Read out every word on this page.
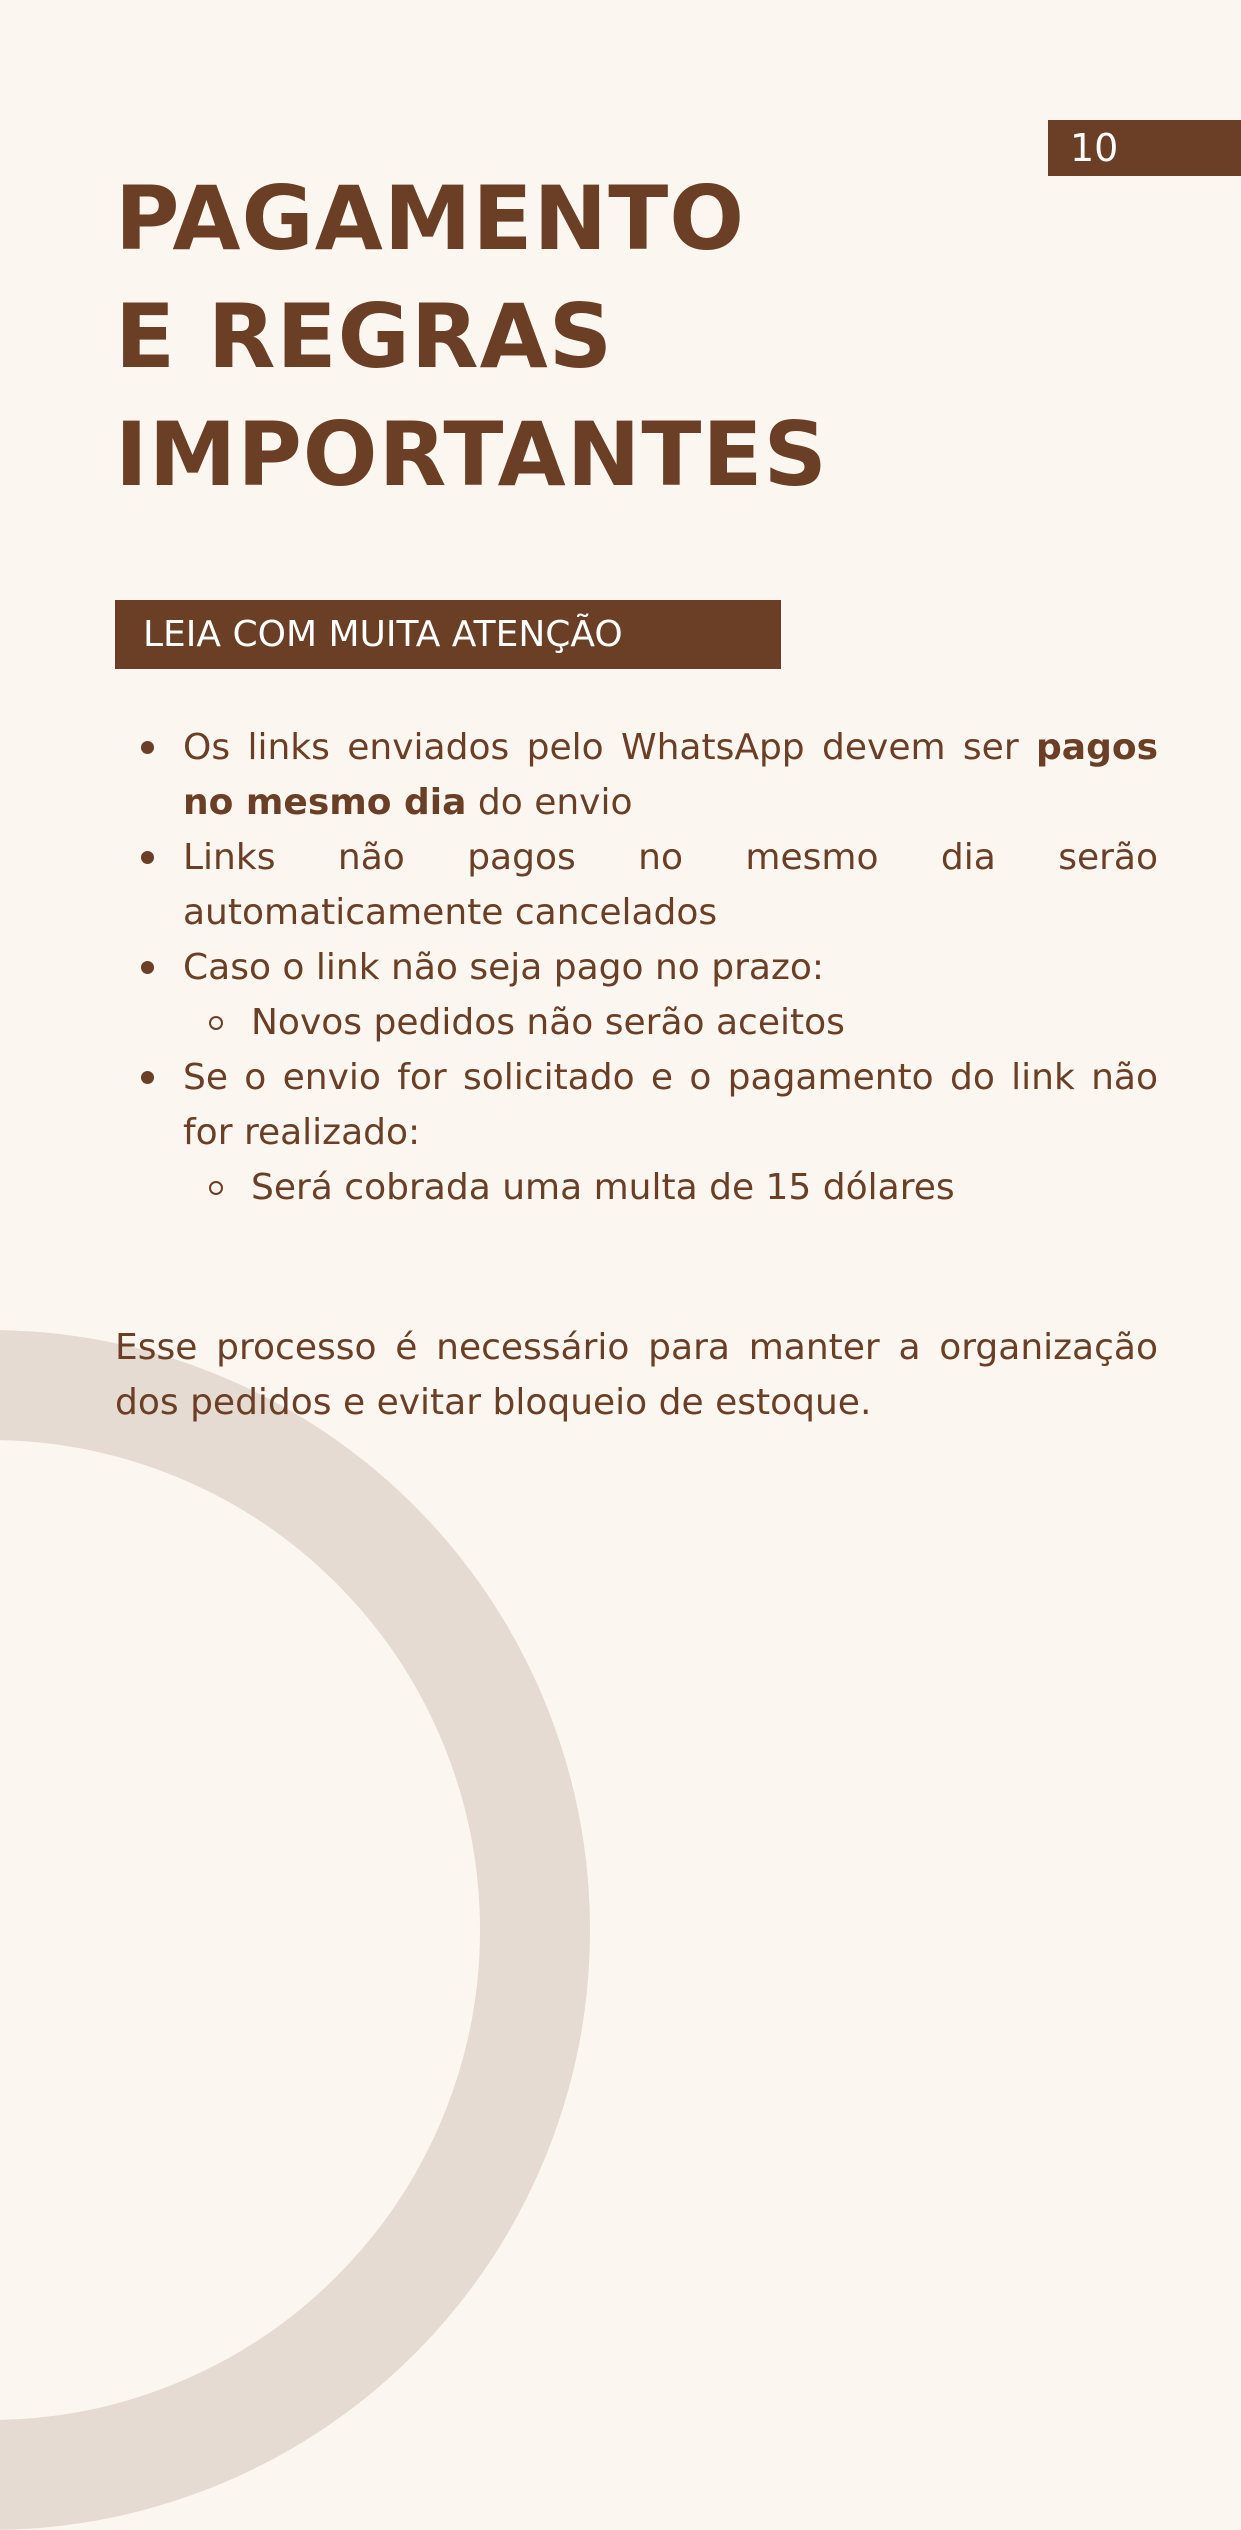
10
PAGAMENTO
E REGRAS
IMPORTANTES
LEIA COM MUITA ATENÇÃO
Os links enviados pelo WhatsApp devem ser pagos no mesmo dia do envio
Links não pagos no mesmo dia serão automaticamente cancelados
Caso o link não seja pago no prazo:
Novos pedidos não serão aceitos
Se o envio for solicitado e o pagamento do link não for realizado:
Será cobrada uma multa de 15 dólares

Esse processo é necessário para manter a organização dos pedidos e evitar bloqueio de estoque.
